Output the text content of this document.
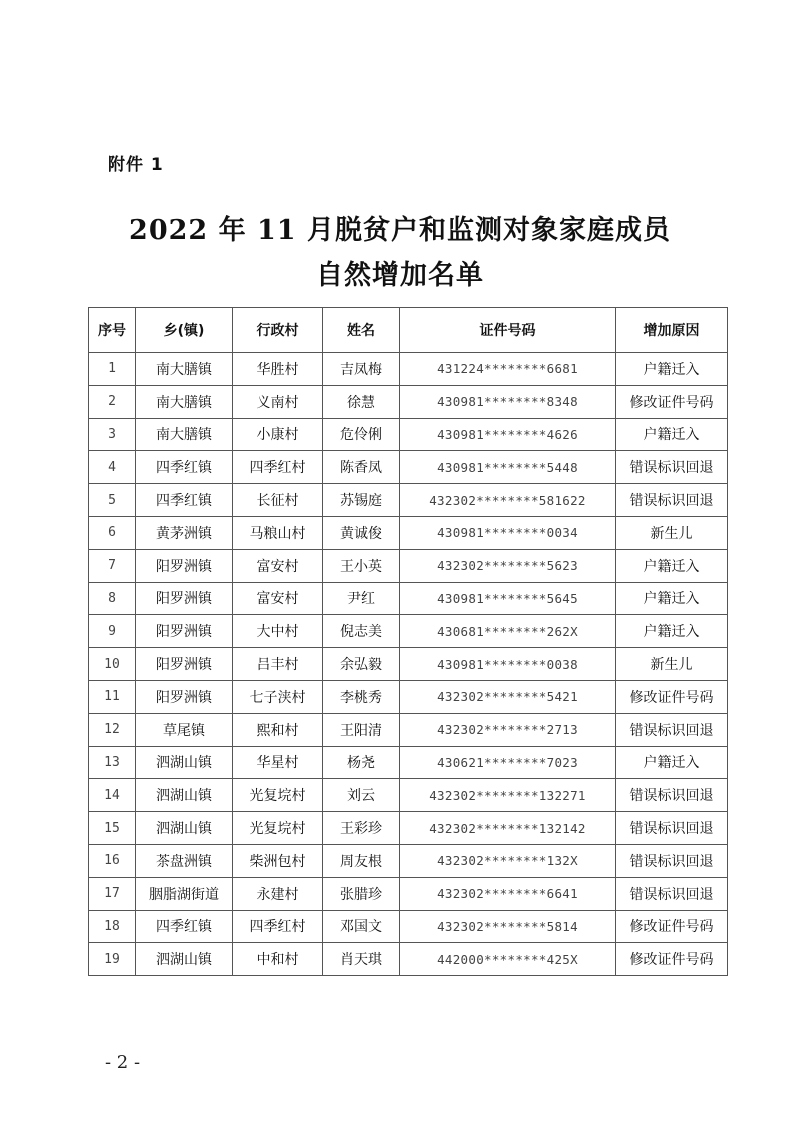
附件 1
2022 年 11 月脱贫户和监测对象家庭成员
自然增加名单
序号	乡(镇)	行政村	姓名	证件号码	增加原因
1	南大膳镇	华胜村	吉凤梅	431224********6681	户籍迁入
2	南大膳镇	义南村	徐慧	430981********8348	修改证件号码
3	南大膳镇	小康村	危伶俐	430981********4626	户籍迁入
4	四季红镇	四季红村	陈香凤	430981********5448	错误标识回退
5	四季红镇	长征村	苏锡庭	432302********581622	错误标识回退
6	黄茅洲镇	马粮山村	黄诚俊	430981********0034	新生儿
7	阳罗洲镇	富安村	王小英	432302********5623	户籍迁入
8	阳罗洲镇	富安村	尹红	430981********5645	户籍迁入
9	阳罗洲镇	大中村	倪志美	430681********262X	户籍迁入
10	阳罗洲镇	吕丰村	余弘毅	430981********0038	新生儿
11	阳罗洲镇	七子浃村	李桃秀	432302********5421	修改证件号码
12	草尾镇	熙和村	王阳清	432302********2713	错误标识回退
13	泗湖山镇	华星村	杨尧	430621********7023	户籍迁入
14	泗湖山镇	光复垸村	刘云	432302********132271	错误标识回退
15	泗湖山镇	光复垸村	王彩珍	432302********132142	错误标识回退
16	茶盘洲镇	柴洲包村	周友根	432302********132X	错误标识回退
17	胭脂湖街道	永建村	张腊珍	432302********6641	错误标识回退
18	四季红镇	四季红村	邓国文	432302********5814	修改证件号码
19	泗湖山镇	中和村	肖天琪	442000********425X	修改证件号码
- 2 -
